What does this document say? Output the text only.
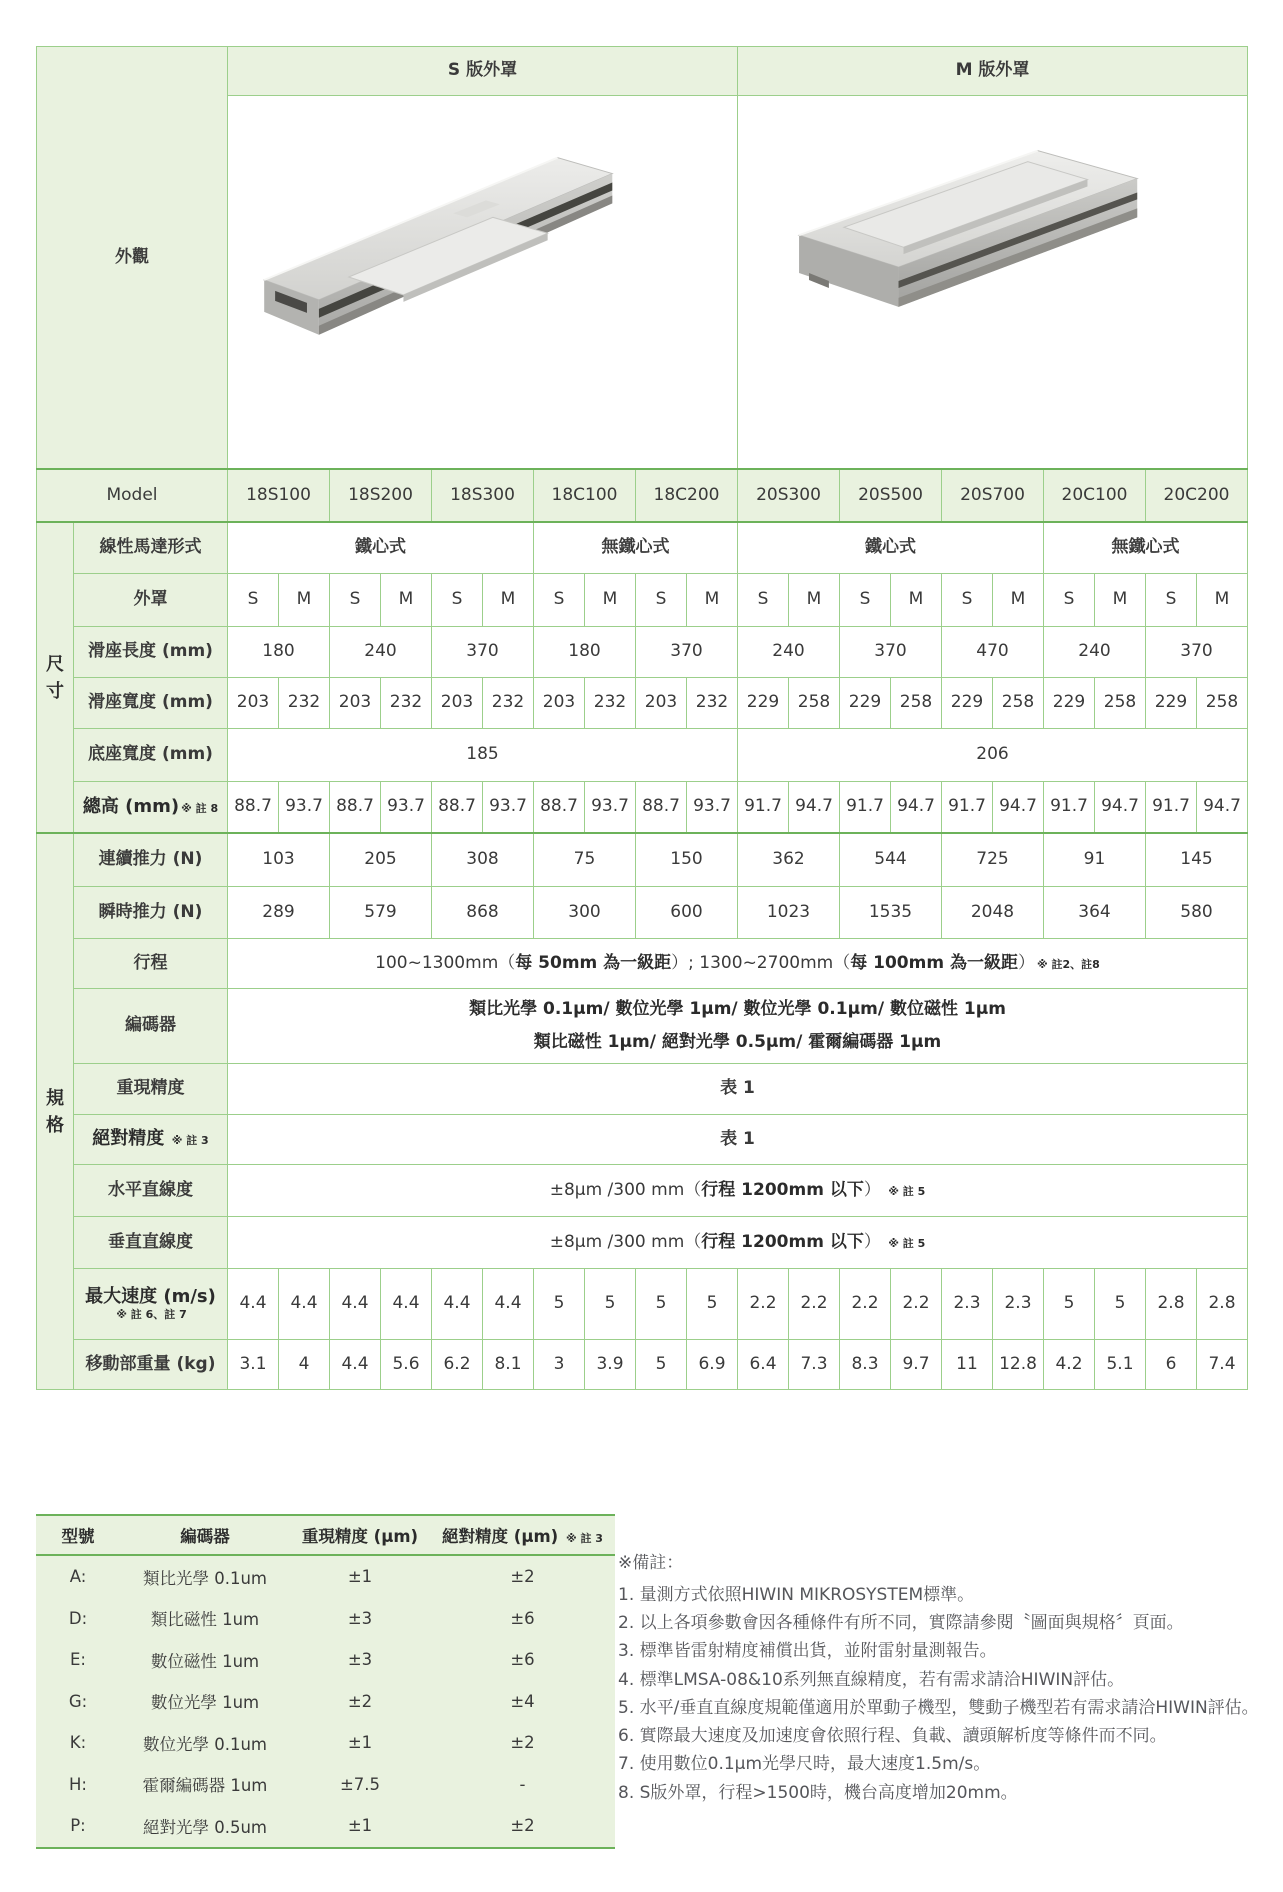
外觀		S 版外罩										M 版外罩									

Model		18S100		18S200		18S300		18C100		18C200		20S300		20S500		20S700		20C100		20C200	
尺寸	線性馬達形式	鐵心式						無鐵心式				鐵心式						無鐵心式			
	外罩	S	M	S	M	S	M	S	M	S	M	S	M	S	M	S	M	S	M	S	M
	滑座長度 (mm)	180		240		370		180		370		240		370		470		240		370	
	滑座寬度 (mm)	203	232	203	232	203	232	203	232	203	232	229	258	229	258	229	258	229	258	229	258
	底座寬度 (mm)	185										206									
	總高 (mm) ※ 註 8	88.7	93.7	88.7	93.7	88.7	93.7	88.7	93.7	88.7	93.7	91.7	94.7	91.7	94.7	91.7	94.7	91.7	94.7	91.7	94.7
規格	連續推力 (N)	103		205		308		75		150		362		544		725		91		145	
	瞬時推力 (N)	289		579		868		300		600		1023		1535		2048		364		580	
	行程	100~1300mm（每 50mm 為一級距）; 1300~2700mm（每 100mm 為一級距） ※ 註2、註8																			
	編碼器	類比光學 0.1μm/ 數位光學 1μm/ 數位光學 0.1μm/ 數位磁性 1μm
類比磁性 1μm/ 絕對光學 0.5μm/ 霍爾編碼器 1μm																			

	重現精度	表 1																			
	絕對精度 ※ 註 3	表 1																			
	水平直線度	±8μm /300 mm（行程 1200mm 以下） ※ 註 5																			
	垂直直線度	±8μm /300 mm（行程 1200mm 以下） ※ 註 5																			

	最大速度 (m/s)
※ 註 6、註 7	4.4	4.4	4.4	4.4	4.4	4.4	5	5	5	5	2.2	2.2	2.2	2.2	2.3	2.3	5	5	2.8	2.8
	移動部重量 (kg)	3.1	4	4.4	5.6	6.2	8.1	3	3.9	5	6.9	6.4	7.3	8.3	9.7	11	12.8	4.2	5.1	6	7.4
型號	編碼器	重現精度 (μm)	絕對精度 (μm) ※ 註 3
A:	類比光學 0.1um	±1	±2
D:	類比磁性 1um	±3	±6
E:	數位磁性 1um	±3	±6
G:	數位光學 1um	±2	±4
K:	數位光學 0.1um	±1	±2
H:	霍爾編碼器 1um	±7.5	-
P:	絕對光學 0.5um	±1	±2
※備註：
1. 量測方式依照HIWIN MIKROSYSTEM標準。
2. 以上各項參數會因各種條件有所不同，實際請參閱〝圖面與規格〞頁面。
3. 標準皆雷射精度補償出貨，並附雷射量測報告。
4. 標準LMSA-08&10系列無直線精度，若有需求請洽HIWIN評估。
5. 水平/垂直直線度規範僅適用於單動子機型，雙動子機型若有需求請洽HIWIN評估。
6. 實際最大速度及加速度會依照行程、負載、讀頭解析度等條件而不同。
7. 使用數位0.1μm光學尺時，最大速度1.5m/s。
8. S版外罩，行程>1500時，機台高度增加20mm。
